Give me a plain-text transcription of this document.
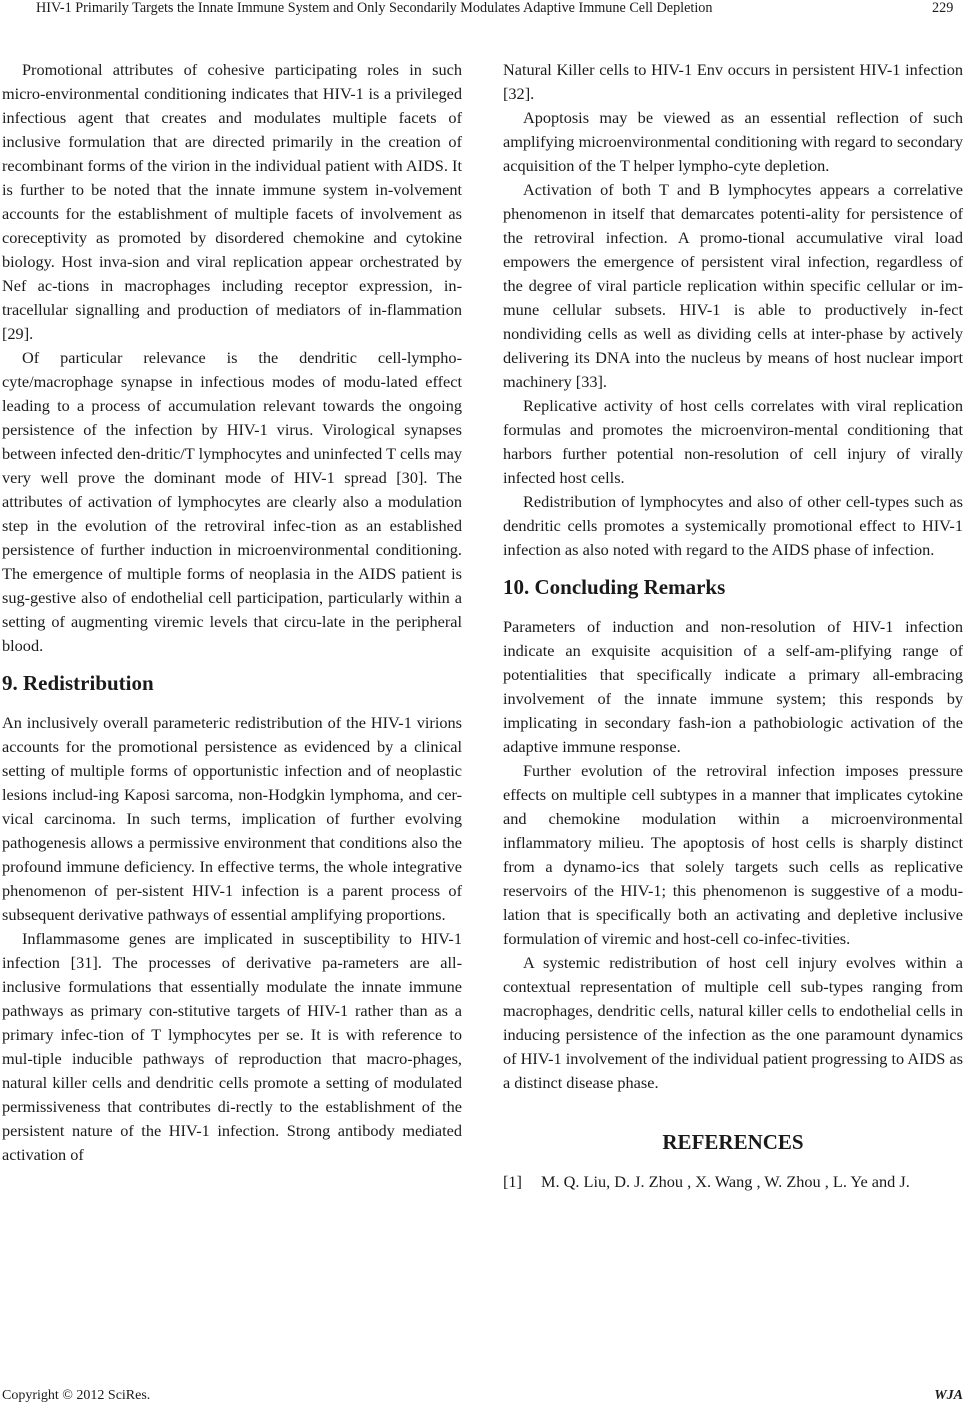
HIV-1 Primarily Targets the Innate Immune System and Only Secondarily Modulates Adaptive Immune Cell Depletion	229

Promotional attributes of cohesive participating roles in such micro-environmental conditioning indicates that HIV-1 is a privileged infectious agent that creates and modulates multiple facets of inclusive formulation that are directed primarily in the creation of recombinant forms of the virion in the individual patient with AIDS. It is further to be noted that the innate immune system in-volvement accounts for the establishment of multiple facets of involvement as coreceptivity as promoted by disordered chemokine and cytokine biology. Host inva-sion and viral replication appear orchestrated by Nef ac-tions in macrophages including receptor expression, in-tracellular signalling and production of mediators of in-flammation [29].

Of particular relevance is the dendritic cell-lympho-cyte/macrophage synapse in infectious modes of modu-lated effect leading to a process of accumulation relevant towards the ongoing persistence of the infection by HIV-1 virus. Virological synapses between infected den-dritic/T lymphocytes and uninfected T cells may very well prove the dominant mode of HIV-1 spread [30]. The attributes of activation of lymphocytes are clearly also a modulation step in the evolution of the retroviral infec-tion as an established persistence of further induction in microenvironmental conditioning. The emergence of multiple forms of neoplasia in the AIDS patient is sug-gestive also of endothelial cell participation, particularly within a setting of augmenting viremic levels that circu-late in the peripheral blood.

9. Redistribution

An inclusively overall parameteric redistribution of the HIV-1 virions accounts for the promotional persistence as evidenced by a clinical setting of multiple forms of opportunistic infection and of neoplastic lesions includ-ing Kaposi sarcoma, non-Hodgkin lymphoma, and cer-vical carcinoma. In such terms, implication of further evolving pathogenesis allows a permissive environment that conditions also the profound immune deficiency. In effective terms, the whole integrative phenomenon of per-sistent HIV-1 infection is a parent process of subsequent derivative pathways of essential amplifying proportions.

Inflammasome genes are implicated in susceptibility to HIV-1 infection [31]. The processes of derivative pa-rameters are all-inclusive formulations that essentially modulate the innate immune pathways as primary con-stitutive targets of HIV-1 rather than as a primary infec-tion of T lymphocytes per se. It is with reference to mul-tiple inducible pathways of reproduction that macro-phages, natural killer cells and dendritic cells promote a setting of modulated permissiveness that contributes di-rectly to the establishment of the persistent nature of the HIV-1 infection. Strong antibody mediated activation of

Natural Killer cells to HIV-1 Env occurs in persistent HIV-1 infection [32].

Apoptosis may be viewed as an essential reflection of such amplifying microenvironmental conditioning with regard to secondary acquisition of the T helper lympho-cyte depletion.

Activation of both T and B lymphocytes appears a correlative phenomenon in itself that demarcates potenti-ality for persistence of the retroviral infection. A promo-tional accumulative viral load empowers the emergence of persistent viral infection, regardless of the degree of viral particle replication within specific cellular or im-mune cellular subsets. HIV-1 is able to productively in-fect nondividing cells as well as dividing cells at inter-phase by actively delivering its DNA into the nucleus by means of host nuclear import machinery [33].

Replicative activity of host cells correlates with viral replication formulas and promotes the microenviron-mental conditioning that harbors further potential non-resolution of cell injury of virally infected host cells.

Redistribution of lymphocytes and also of other cell-types such as dendritic cells promotes a systemically promotional effect to HIV-1 infection as also noted with regard to the AIDS phase of infection.

10. Concluding Remarks

Parameters of induction and non-resolution of HIV-1 infection indicate an exquisite acquisition of a self-am-plifying range of potentialities that specifically indicate a primary all-embracing involvement of the innate immune system; this responds by implicating in secondary fash-ion a pathobiologic activation of the adaptive immune response.

Further evolution of the retroviral infection imposes pressure effects on multiple cell subtypes in a manner that implicates cytokine and chemokine modulation within a microenvironmental inflammatory milieu. The apoptosis of host cells is sharply distinct from a dynamo-ics that solely targets such cells as replicative reservoirs of the HIV-1; this phenomenon is suggestive of a modu-lation that is specifically both an activating and depletive inclusive formulation of viremic and host-cell co-infec-tivities.

A systemic redistribution of host cell injury evolves within a contextual representation of multiple cell sub-types ranging from macrophages, dendritic cells, natural killer cells to endothelial cells in inducing persistence of the infection as the one paramount dynamics of HIV-1 involvement of the individual patient progressing to AIDS as a distinct disease phase.

REFERENCES
[1]	M. Q. Liu, D. J. Zhou , X. Wang , W. Zhou , L. Ye and J.
Copyright © 2012 SciRes.	WJA
